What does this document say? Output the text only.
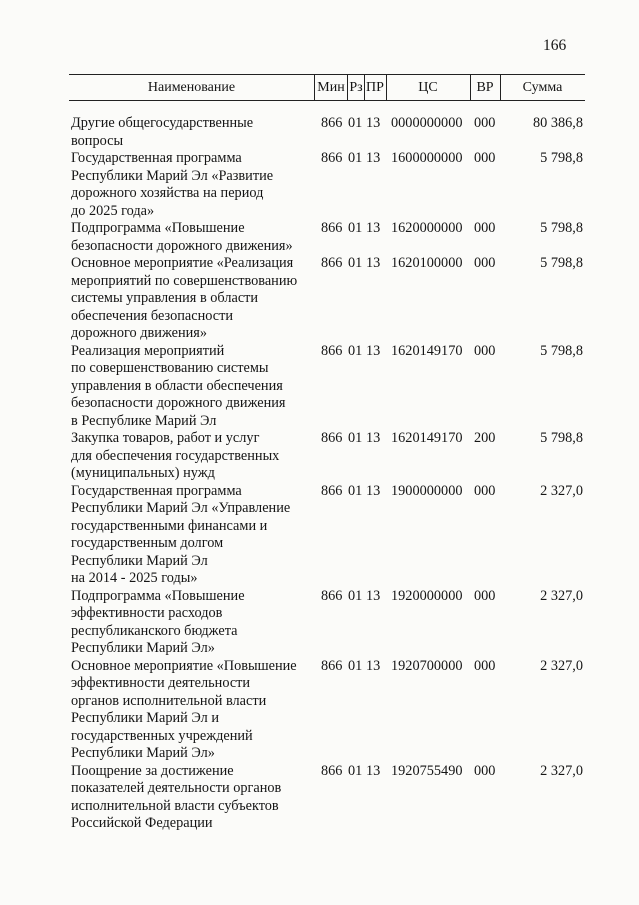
166
Наименование	Мин Рз ПР	ЦС	ВР	Сумма
Другие общегосударственные
вопросы
866 01 13 0000000000 000	80 386,8
Государственная программа
Республики Марий Эл «Развитие
дорожного хозяйства на период
до 2025 года»
866 01 13 1600000000 000	5 798,8
Подпрограмма «Повышение
безопасности дорожного движения»
866 01 13 1620000000 000	5 798,8
Основное мероприятие «Реализация
мероприятий по совершенствованию
системы управления в области
обеспечения безопасности
дорожного движения»
866 01 13 1620100000 000	5 798,8
Реализация мероприятий
по совершенствованию системы
управления в области обеспечения
безопасности дорожного движения
в Республике Марий Эл
866 01 13 1620149170 000	5 798,8
Закупка товаров, работ и услуг
для обеспечения государственных
(муниципальных) нужд
866 01 13 1620149170 200	5 798,8
Государственная программа
Республики Марий Эл «Управление
государственными финансами и
государственным долгом
Республики Марий Эл
на 2014 - 2025 годы»
866 01 13 1900000000 000	2 327,0
Подпрограмма «Повышение
эффективности расходов
республиканского бюджета
Республики Марий Эл»
866 01 13 1920000000 000	2 327,0
Основное мероприятие «Повышение
эффективности деятельности
органов исполнительной власти
Республики Марий Эл и
государственных учреждений
Республики Марий Эл»
866 01 13 1920700000 000	2 327,0
Поощрение за достижение
показателей деятельности органов
исполнительной власти субъектов
Российской Федерации
866 01 13 1920755490 000	2 327,0
